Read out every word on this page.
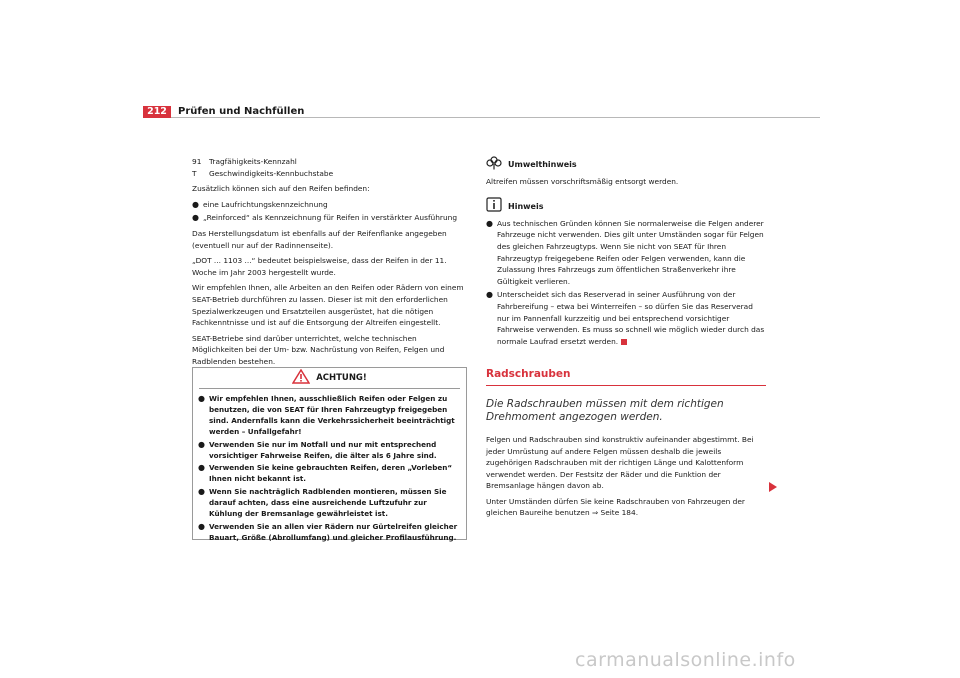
212	Prüfen und Nachfüllen
91	Tragfähigkeits-Kennzahl
T	Geschwindigkeits-Kennbuchstabe

Zusätzlich können sich auf den Reifen befinden:

● eine Laufrichtungskennzeichnung
● „Reinforced“ als Kennzeichnung für Reifen in verstärkter Ausführung

Das Herstellungsdatum ist ebenfalls auf der Reifenflanke angegeben (eventuell nur auf der Radinnenseite).

„DOT ... 1103 ...“ bedeutet beispielsweise, dass der Reifen in der 11. Woche im Jahr 2003 hergestellt wurde.

Wir empfehlen Ihnen, alle Arbeiten an den Reifen oder Rädern von einem SEAT-Betrieb durchführen zu lassen. Dieser ist mit den erforderlichen Spezialwerkzeugen und Ersatzteilen ausgerüstet, hat die nötigen Fachkenntnisse und ist auf die Entsorgung der Altreifen eingestellt.

SEAT-Betriebe sind darüber unterrichtet, welche technischen Möglichkeiten bei der Um- bzw. Nachrüstung von Reifen, Felgen und Radblenden bestehen.

ACHTUNG!
● Wir empfehlen Ihnen, ausschließlich Reifen oder Felgen zu benutzen, die von SEAT für Ihren Fahrzeugtyp freigegeben sind. Andernfalls kann die Verkehrssicherheit beeinträchtigt werden – Unfallgefahr!
● Verwenden Sie nur im Notfall und nur mit entsprechend vorsichtiger Fahrweise Reifen, die älter als 6 Jahre sind.
● Verwenden Sie keine gebrauchten Reifen, deren „Vorleben“ Ihnen nicht bekannt ist.
● Wenn Sie nachträglich Radblenden montieren, müssen Sie darauf achten, dass eine ausreichende Luftzufuhr zur Kühlung der Bremsanlage gewährleistet ist.
● Verwenden Sie an allen vier Rädern nur Gürtelreifen gleicher Bauart, Größe (Abrollumfang) und gleicher Profilausführung.
Umwelthinweis

Altreifen müssen vorschriftsmäßig entsorgt werden.

Hinweis
● Aus technischen Gründen können Sie normalerweise die Felgen anderer Fahrzeuge nicht verwenden. Dies gilt unter Umständen sogar für Felgen des gleichen Fahrzeugtyps. Wenn Sie nicht von SEAT für Ihren Fahrzeugtyp freigegebene Reifen oder Felgen verwenden, kann die Zulassung Ihres Fahrzeugs zum öffentlichen Straßenverkehr ihre Gültigkeit verlieren.
● Unterscheidet sich das Reserverad in seiner Ausführung von der Fahrbereifung – etwa bei Winterreifen – so dürfen Sie das Reserverad nur im Pannenfall kurzzeitig und bei entsprechend vorsichtiger Fahrweise verwenden. Es muss so schnell wie möglich wieder durch das normale Laufrad ersetzt werden.
Radschrauben
Die Radschrauben müssen mit dem richtigen Drehmoment angezogen werden.

Felgen und Radschrauben sind konstruktiv aufeinander abgestimmt. Bei jeder Umrüstung auf andere Felgen müssen deshalb die jeweils zugehörigen Radschrauben mit der richtigen Länge und Kalottenform verwendet werden. Der Festsitz der Räder und die Funktion der Bremsanlage hängen davon ab.

Unter Umständen dürfen Sie keine Radschrauben von Fahrzeugen der gleichen Baureihe benutzen ⇒ Seite 184.

carmanualsonline.info
